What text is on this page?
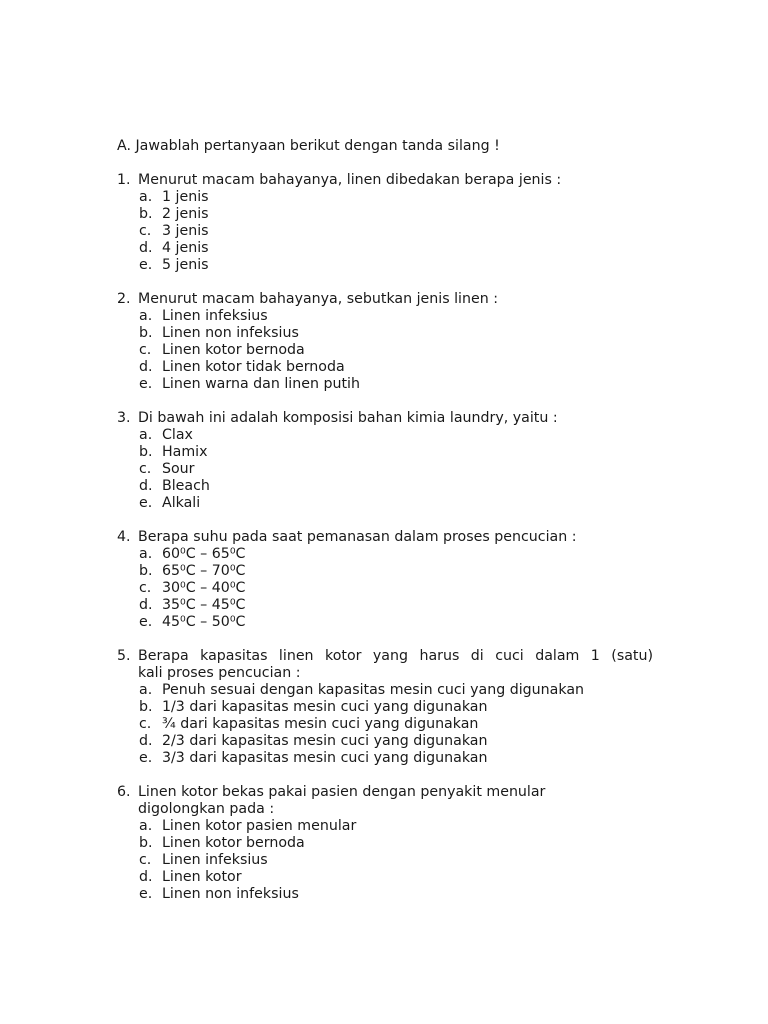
A. Jawablah pertanyaan berikut dengan tanda silang !
1. Menurut macam bahayanya, linen dibedakan berapa jenis :
a. 1 jenis
b. 2 jenis
c. 3 jenis
d. 4 jenis
e. 5 jenis
2. Menurut macam bahayanya, sebutkan jenis linen :
a. Linen infeksius
b. Linen non infeksius
c. Linen kotor bernoda
d. Linen kotor tidak bernoda
e. Linen warna dan linen putih
3. Di bawah ini adalah komposisi bahan kimia laundry, yaitu :
a. Clax
b. Hamix
c. Sour
d. Bleach
e. Alkali
4. Berapa suhu pada saat pemanasan dalam proses pencucian :
a. 60⁰C – 65⁰C
b. 65⁰C – 70⁰C
c. 30⁰C – 40⁰C
d. 35⁰C – 45⁰C
e. 45⁰C – 50⁰C
5. Berapa kapasitas linen kotor yang harus di cuci dalam 1 (satu)
kali proses pencucian :
a. Penuh sesuai dengan kapasitas mesin cuci yang digunakan
b. 1/3 dari kapasitas mesin cuci yang digunakan
c. ¾ dari kapasitas mesin cuci yang digunakan
d. 2/3 dari kapasitas mesin cuci yang digunakan
e. 3/3 dari kapasitas mesin cuci yang digunakan
6. Linen kotor bekas pakai pasien dengan penyakit menular
digolongkan pada :
a. Linen kotor pasien menular
b. Linen kotor bernoda
c. Linen infeksius
d. Linen kotor
e. Linen non infeksius
